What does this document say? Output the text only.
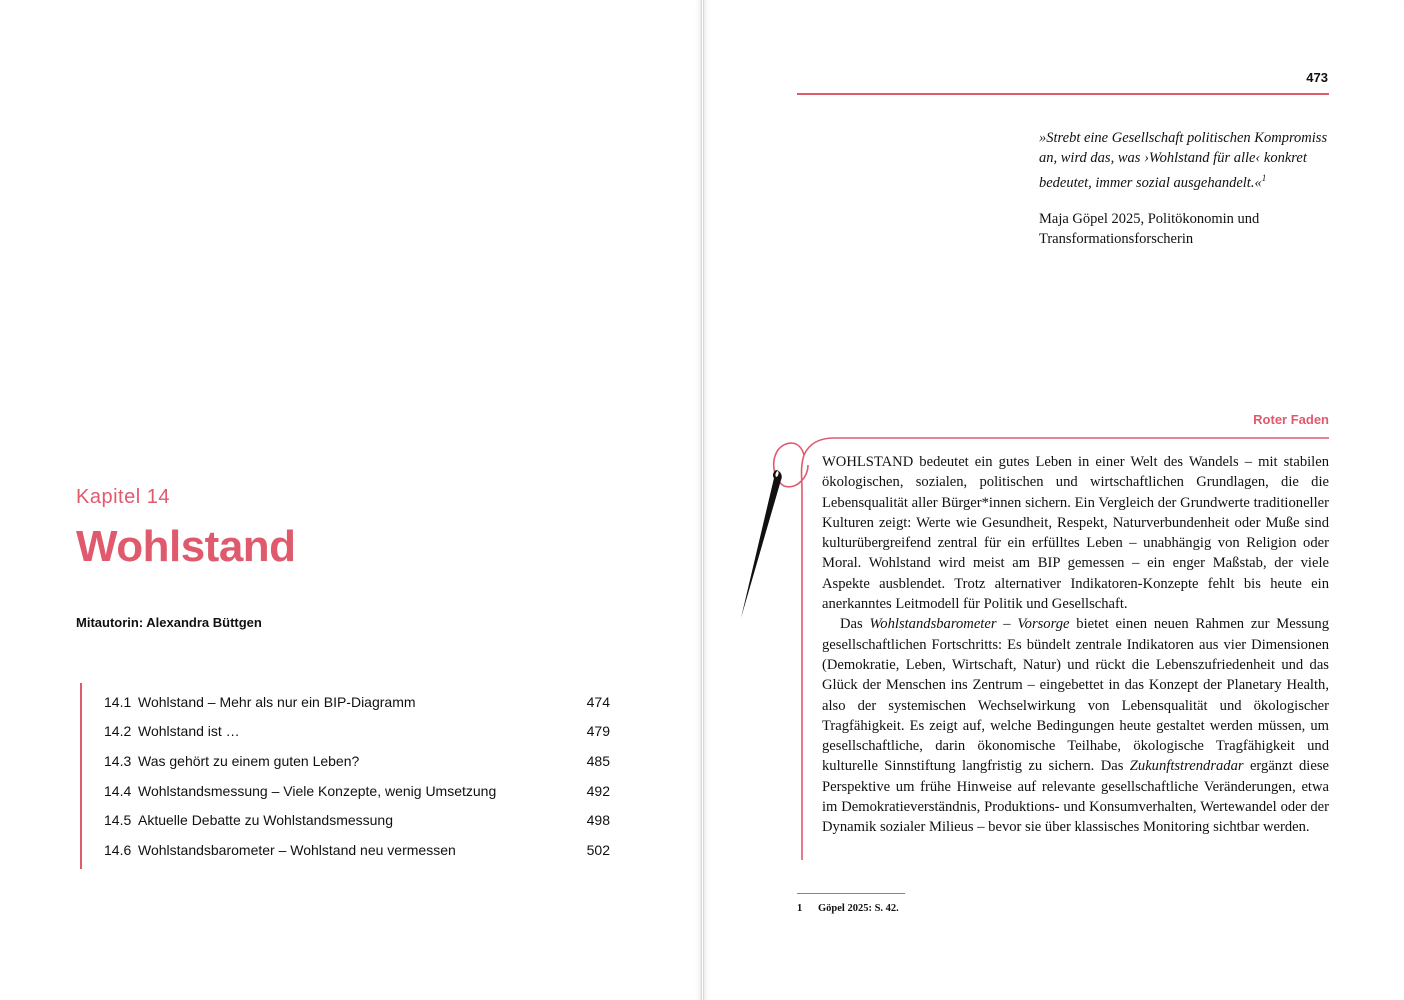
Kapitel 14
Wohlstand
Mitautorin: Alexandra Büttgen
14.1 Wohlstand – Mehr als nur ein BIP-Diagramm	474
14.2 Wohlstand ist …	479
14.3 Was gehört zu einem guten Leben?	485
14.4 Wohlstandsmessung – Viele Konzepte, wenig Umsetzung	492
14.5 Aktuelle Debatte zu Wohlstandsmessung	498
14.6 Wohlstandsbarometer – Wohlstand neu vermessen	502
473
»Strebt eine Gesellschaft politischen Kompromiss an, wird das, was ›Wohlstand für alle‹ konkret bedeutet, immer sozial ausgehandelt.«$^1$
Maja Göpel 2025, Politökonomin und Transformationsforscherin
Roter Faden

WOHLSTAND bedeutet ein gutes Leben in einer Welt des Wandels – mit stabilen ökologischen, sozialen, politischen und wirtschaftlichen Grundlagen, die die Lebensqualität aller Bürger*innen sichern. Ein Vergleich der Grundwerte traditioneller Kulturen zeigt: Werte wie Gesundheit, Respekt, Naturverbundenheit oder Muße sind kulturübergreifend zentral für ein erfülltes Leben – unabhängig von Religion oder Moral. Wohlstand wird meist am BIP gemessen – ein enger Maßstab, der viele Aspekte ausblendet. Trotz alternativer Indikatoren-Konzepte fehlt bis heute ein anerkanntes Leitmodell für Politik und Gesellschaft.

Das Wohlstandsbarometer – Vorsorge bietet einen neuen Rahmen zur Messung gesellschaftlichen Fortschritts: Es bündelt zentrale Indikatoren aus vier Dimensionen (Demokratie, Leben, Wirtschaft, Natur) und rückt die Lebenszufriedenheit und das Glück der Menschen ins Zentrum – eingebettet in das Konzept der Planetary Health, also der systemischen Wechselwirkung von Lebensqualität und ökologischer Tragfähigkeit. Es zeigt auf, welche Bedingungen heute gestaltet werden müssen, um gesellschaftliche, darin ökonomische Teilhabe, ökologische Tragfähigkeit und kulturelle Sinnstiftung langfristig zu sichern. Das Zukunftstrendradar ergänzt diese Perspektive um frühe Hinweise auf relevante gesellschaftliche Veränderungen, etwa im Demokratieverständnis, Produktions- und Konsumverhalten, Wertewandel oder der Dynamik sozialer Milieus – bevor sie über klassisches Monitoring sichtbar werden.

1 Göpel 2025: S. 42.
